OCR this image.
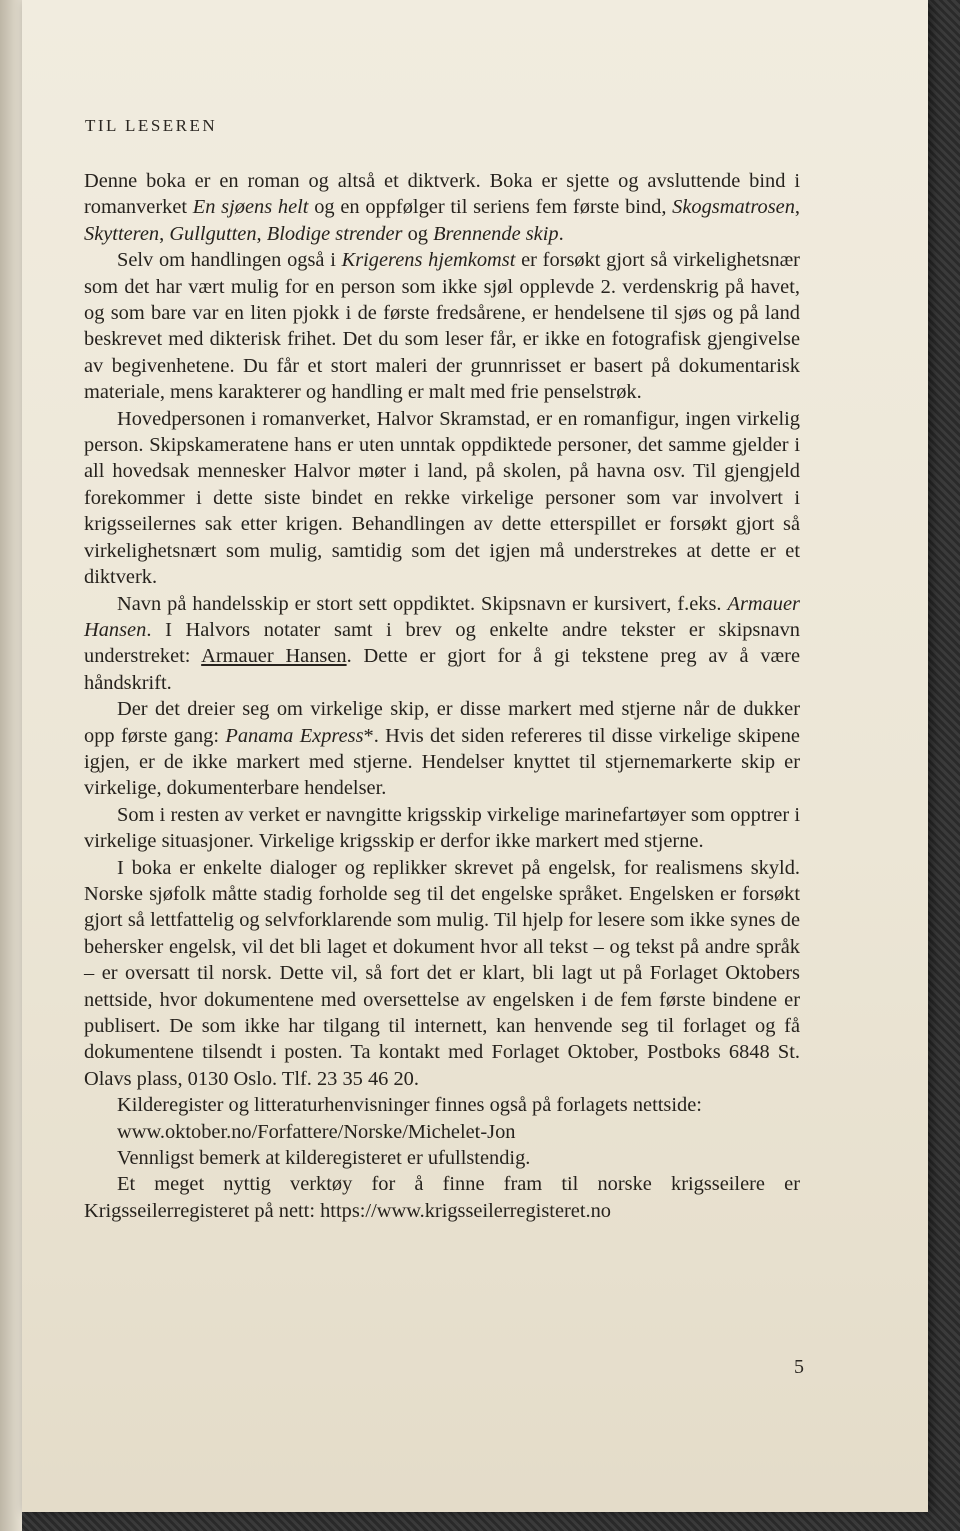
TIL LESEREN

Denne boka er en roman og altså et diktverk. Boka er sjette og avsluttende bind i romanverket En sjøens helt og en oppfølger til seriens fem første bind, Skogsmatrosen, Skytteren, Gullgutten, Blodige strender og Brennende skip.

Selv om handlingen også i Krigerens hjemkomst er forsøkt gjort så virkelighetsnær som det har vært mulig for en person som ikke sjøl opplevde 2. verdenskrig på havet, og som bare var en liten pjokk i de første fredsårene, er hendelsene til sjøs og på land beskrevet med dikterisk frihet. Det du som leser får, er ikke en fotografisk gjengivelse av begivenhetene. Du får et stort maleri der grunnrisset er basert på dokumentarisk materiale, mens karakterer og handling er malt med frie penselstrøk.

Hovedpersonen i romanverket, Halvor Skramstad, er en romanfigur, ingen virkelig person. Skipskameratene hans er uten unntak oppdiktede personer, det samme gjelder i all hovedsak mennesker Halvor møter i land, på skolen, på havna osv. Til gjengjeld forekommer i dette siste bindet en rekke virkelige personer som var involvert i krigsseilernes sak etter krigen. Behandlingen av dette etterspillet er forsøkt gjort så virkelighetsnært som mulig, samtidig som det igjen må understrekes at dette er et diktverk.

Navn på handelsskip er stort sett oppdiktet. Skipsnavn er kursivert, f.eks. Armauer Hansen. I Halvors notater samt i brev og enkelte andre tekster er skipsnavn understreket: Armauer Hansen. Dette er gjort for å gi tekstene preg av å være håndskrift.

Der det dreier seg om virkelige skip, er disse markert med stjerne når de dukker opp første gang: Panama Express*. Hvis det siden refereres til disse virkelige skipene igjen, er de ikke markert med stjerne. Hendelser knyttet til stjernemarkerte skip er virkelige, dokumenterbare hendelser.

Som i resten av verket er navngitte krigsskip virkelige marinefartøyer som opptrer i virkelige situasjoner. Virkelige krigsskip er derfor ikke markert med stjerne.

I boka er enkelte dialoger og replikker skrevet på engelsk, for realismens skyld. Norske sjøfolk måtte stadig forholde seg til det engelske språket. Engelsken er forsøkt gjort så lettfattelig og selvforklarende som mulig. Til hjelp for lesere som ikke synes de behersker engelsk, vil det bli laget et dokument hvor all tekst – og tekst på andre språk – er oversatt til norsk. Dette vil, så fort det er klart, bli lagt ut på Forlaget Oktobers nettside, hvor dokumentene med oversettelse av engelsken i de fem første bindene er publisert. De som ikke har tilgang til internett, kan henvende seg til forlaget og få dokumentene tilsendt i posten. Ta kontakt med Forlaget Oktober, Postboks 6848 St. Olavs plass, 0130 Oslo. Tlf. 23 35 46 20.

Kilderegister og litteraturhenvisninger finnes også på forlagets nettside:
www.oktober.no/Forfattere/Norske/Michelet-Jon

Vennligst bemerk at kilderegisteret er ufullstendig.

Et meget nyttig verktøy for å finne fram til norske krigsseilere er Krigsseilerregisteret på nett: https://www.krigsseilerregisteret.no

5
